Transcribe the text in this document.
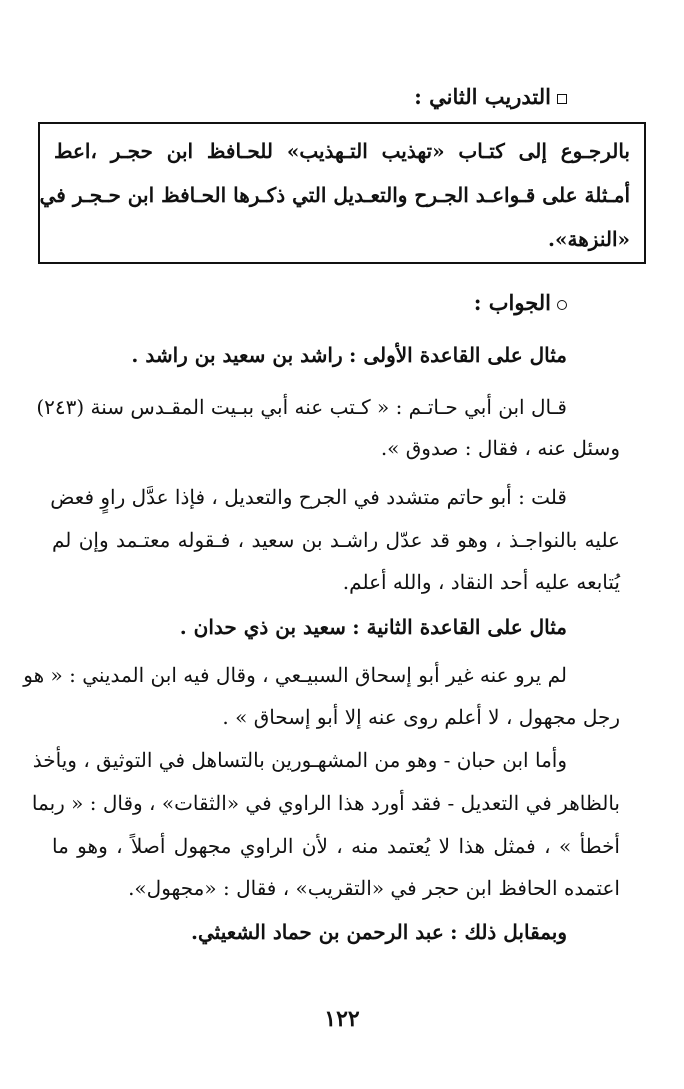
التدريب الثاني :
بالرجـوع إلى كتـاب «تهذيب التـهذيب» للحـافظ ابن حجـر ،اعط
أمـثلة على قـواعـد الجـرح والتعـديل التي ذكـرها الحـافظ ابن حـجـر في
«النزهة».
الجواب :
مثال على القاعدة الأولى : راشد بن سعيد بن راشد .
قـال ابن أبي حـاتـم : « كـتب عنه أبي ببـيت المقـدس سنة (٢٤٣)
وسئل عنه ، فقال : صدوق ».
قلت : أبو حاتم متشدد في الجرح والتعديل ، فإذا عدَّل راوٍ فعض
عليه بالنواجـذ ، وهو قد عدّل راشـد بن سعيد ، فـقوله معتـمد وإن لم
يُتابعه عليه أحد النقاد ، والله أعلم.
مثال على القاعدة الثانية : سعيد بن ذي حدان .
لم يرو عنه غير أبو إسحاق السبيـعي ، وقال فيه ابن المديني : « هو
رجل مجهول ، لا أعلم روى عنه إلا أبو إسحاق » .
وأما ابن حبان - وهو من المشهـورين بالتساهل في التوثيق ، ويأخذ
بالظاهر في التعديل - فقد أورد هذا الراوي في «الثقات» ، وقال : « ربما
أخطأ » ، فمثل هذا لا يُعتمد منه ، لأن الراوي مجهول أصلاً ، وهو ما
اعتمده الحافظ ابن حجر في «التقريب» ، فقال : «مجهول».
وبمقابل ذلك : عبد الرحمن بن حماد الشعيثي.
١٢٢
